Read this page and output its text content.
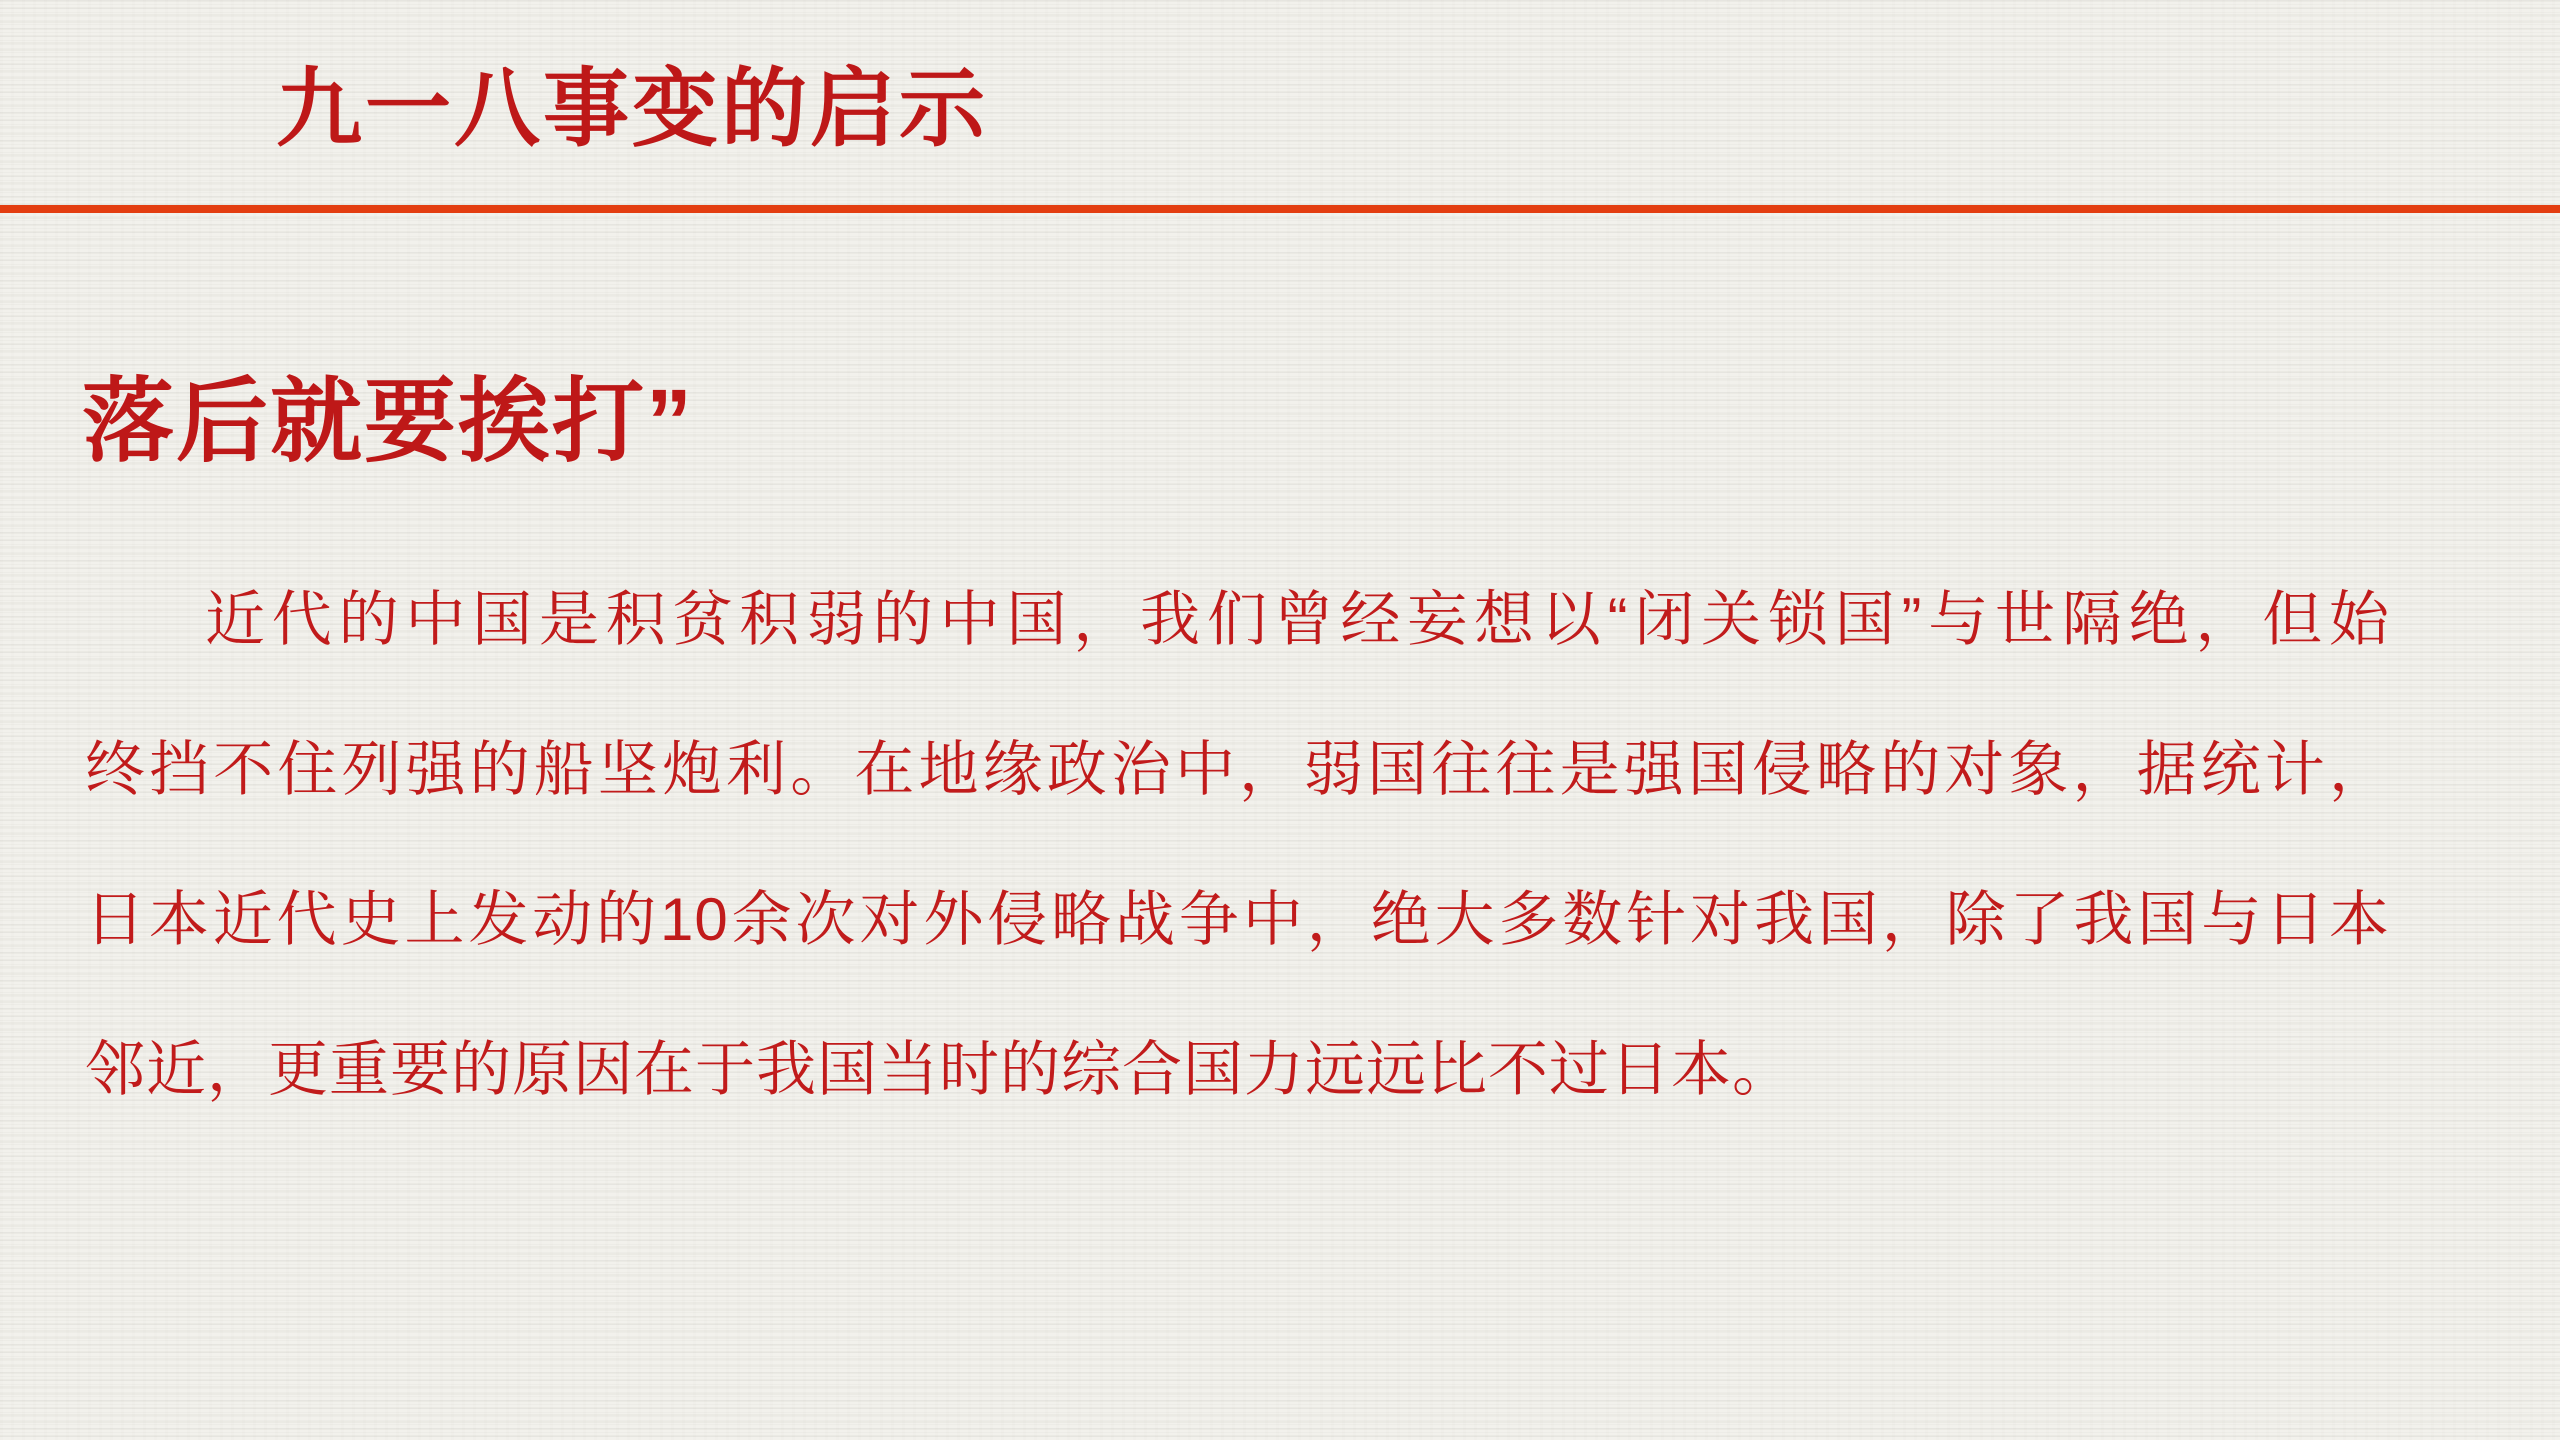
九一八事变的启示
落后就要挨打”
近代的中国是积贫积弱的中国，我们曾经妄想以“闭关锁国”与世隔绝，但始
终挡不住列强的船坚炮利。在地缘政治中，弱国往往是强国侵略的对象，据统计，
日本近代史上发动的10余次对外侵略战争中，绝大多数针对我国，除了我国与日本
邻近，更重要的原因在于我国当时的综合国力远远比不过日本。
